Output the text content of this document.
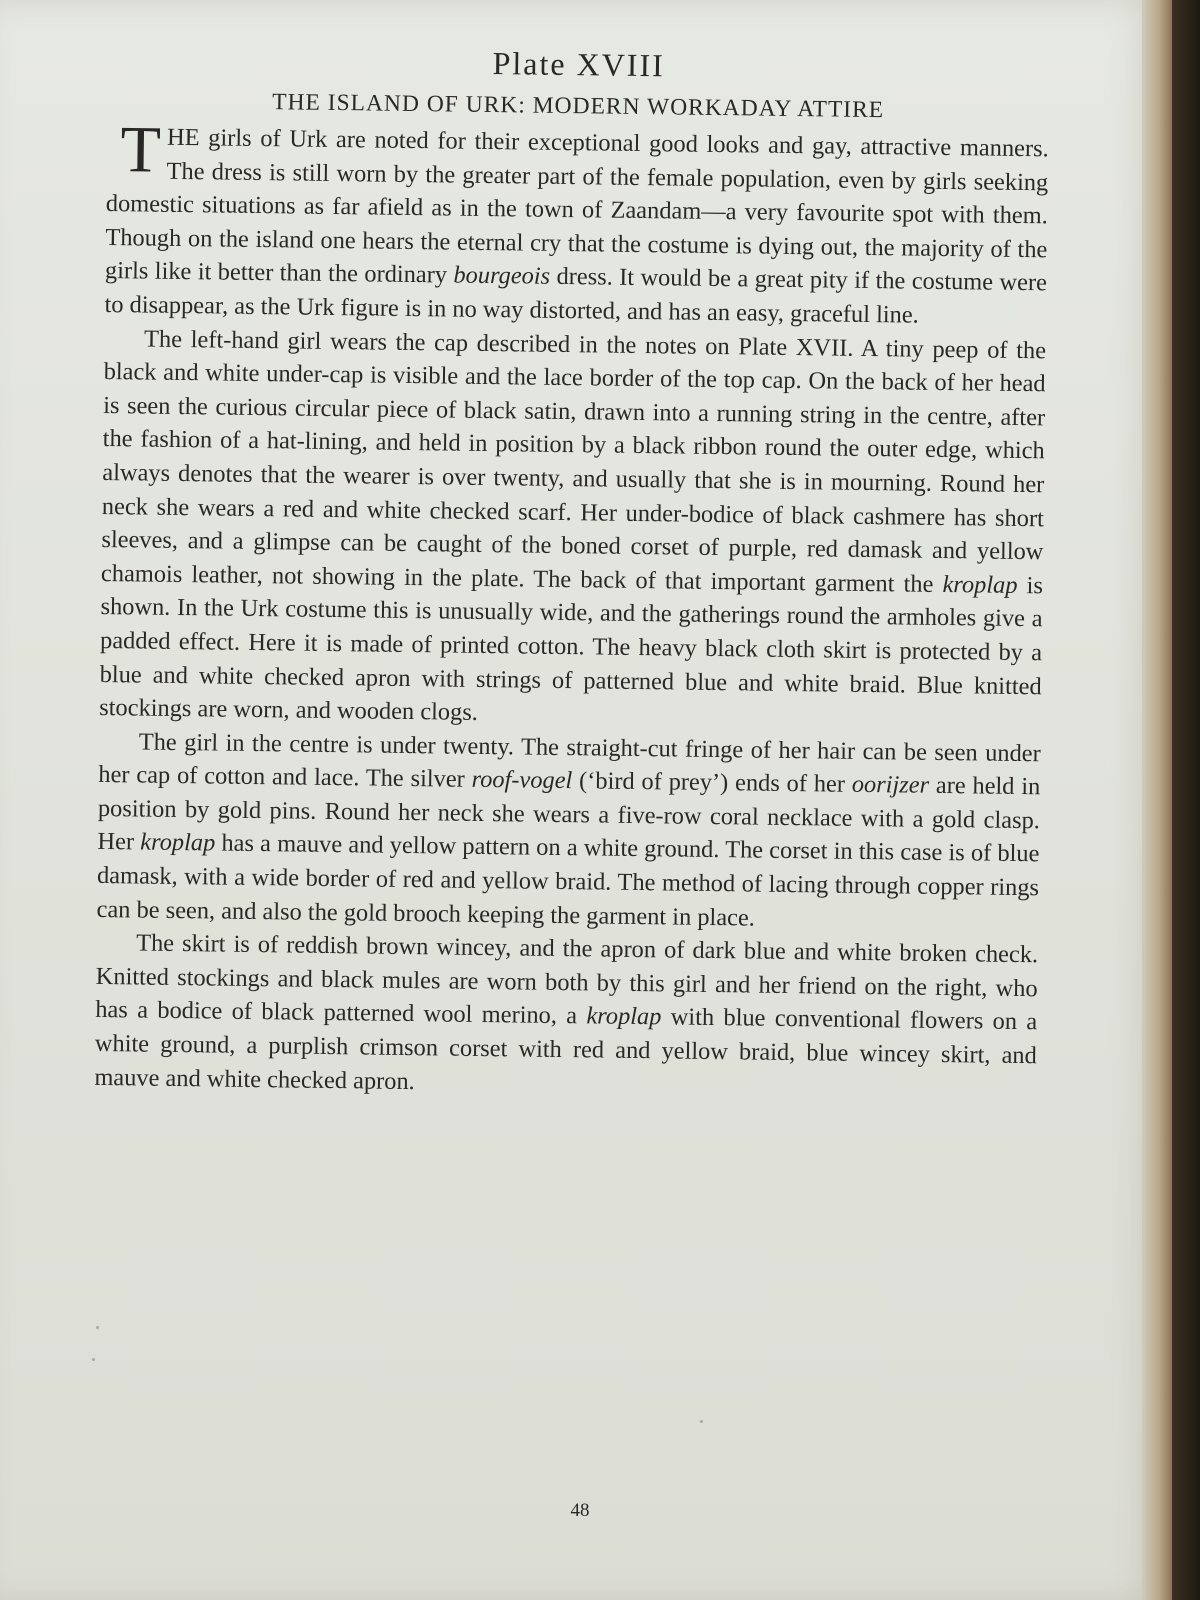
Plate XVIII
THE ISLAND OF URK: MODERN WORKADAY ATTIRE

T HE girls of Urk are noted for their exceptional good looks and gay, attractive manners. The dress is still worn by the greater part of the female population, even by girls seeking domestic situations as far afield as in the town of Zaandam—a very favourite spot with them. Though on the island one hears the eternal cry that the costume is dying out, the majority of the girls like it better than the ordinary bourgeois dress. It would be a great pity if the costume were to disappear, as the Urk figure is in no way distorted, and has an easy, graceful line.

The left-hand girl wears the cap described in the notes on Plate XVII. A tiny peep of the black and white under-cap is visible and the lace border of the top cap. On the back of her head is seen the curious circular piece of black satin, drawn into a running string in the centre, after the fashion of a hat-lining, and held in position by a black ribbon round the outer edge, which always denotes that the wearer is over twenty, and usually that she is in mourning. Round her neck she wears a red and white checked scarf. Her under-bodice of black cashmere has short sleeves, and a glimpse can be caught of the boned corset of purple, red damask and yellow chamois leather, not showing in the plate. The back of that important garment the kroplap is shown. In the Urk costume this is unusually wide, and the gatherings round the armholes give a padded effect. Here it is made of printed cotton. The heavy black cloth skirt is protected by a blue and white checked apron with strings of patterned blue and white braid. Blue knitted stockings are worn, and wooden clogs.

The girl in the centre is under twenty. The straight-cut fringe of her hair can be seen under her cap of cotton and lace. The silver roof-vogel (‘bird of prey’) ends of her oorijzer are held in position by gold pins. Round her neck she wears a five-row coral necklace with a gold clasp. Her kroplap has a mauve and yellow pattern on a white ground. The corset in this case is of blue damask, with a wide border of red and yellow braid. The method of lacing through copper rings can be seen, and also the gold brooch keeping the garment in place.

The skirt is of reddish brown wincey, and the apron of dark blue and white broken check. Knitted stockings and black mules are worn both by this girl and her friend on the right, who has a bodice of black patterned wool merino, a kroplap with blue conventional flowers on a white ground, a purplish crimson corset with red and yellow braid, blue wincey skirt, and mauve and white checked apron.

48
